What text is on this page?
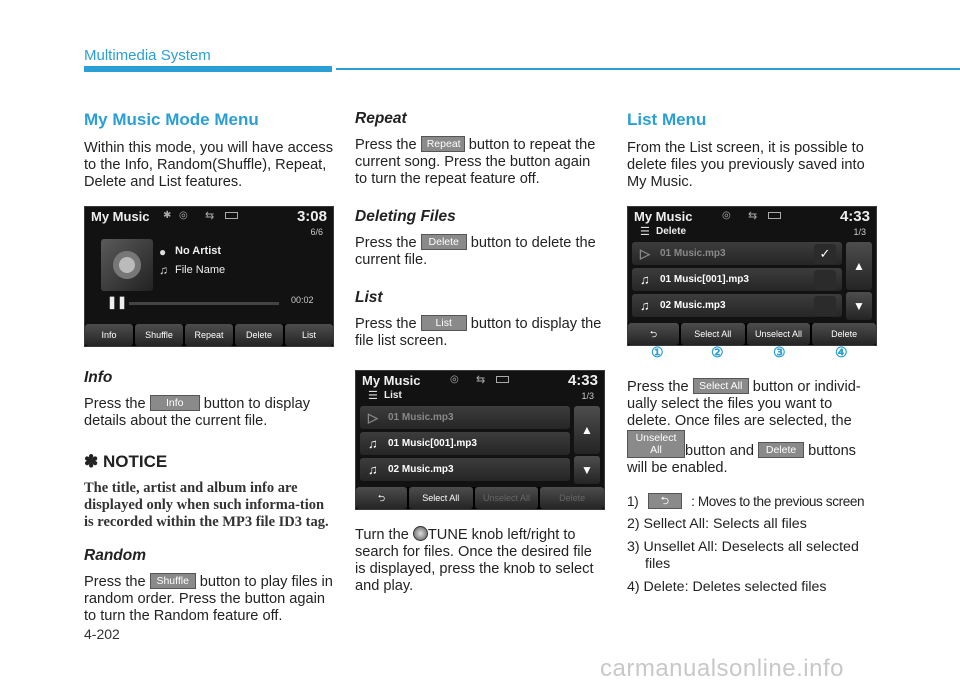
Multimedia System
My Music Mode Menu

Within this mode, you will have access to the Info, Random(Shuffle), Repeat, Delete and List features.

My Music ✱ ◎ ⇆	3:08
6/6
● No Artist
♫ File Name
❚❚	00:02
Info	Shuffle	Repeat	Delete	List
Info

Press the Info button to display details about the current file.

✽ NOTICE
The title, artist and album info are displayed only when such informa-tion is recorded within the MP3 file ID3 tag.
Random

Press the Shuffle button to play files in random order. Press the button again to turn the Random feature off.

Repeat

Press the Repeat button to repeat the current song. Press the button again to turn the repeat feature off.

Deleting Files

Press the Delete button to delete the current file.

List

Press the List button to display the file list screen.

My Music	◎ ⇆	4:33
☰ List	1/3
▷ 01 Music.mp3
♫ 01 Music[001].mp3
♫ 02 Music.mp3
▲
▼
⮌	Select All	Unselect All	Delete

Turn the TUNE knob left/right to search for files. Once the desired file is displayed, press the knob to select and play.

List Menu

From the List screen, it is possible to delete files you previously saved into My Music.

My Music	◎ ⇆	4:33
☰ Delete	1/3
▷ 01 Music.mp3
♫ 01 Music[001].mp3
♫ 02 Music.mp3
✓
▲
▼
⮌	Select All	Unselect All	Delete
①	②	③	④

Press the Select All button or individ-ually select the files you want to delete. Once files are selected, the Unselect All button and Delete buttons will be enabled.

1) ⮌ : Moves to the previous screen
2) Sellect All: Selects all files
3) Unsellet All: Deselects all selected files
4) Delete: Deletes selected files
4-202
carmanualsonline.info
